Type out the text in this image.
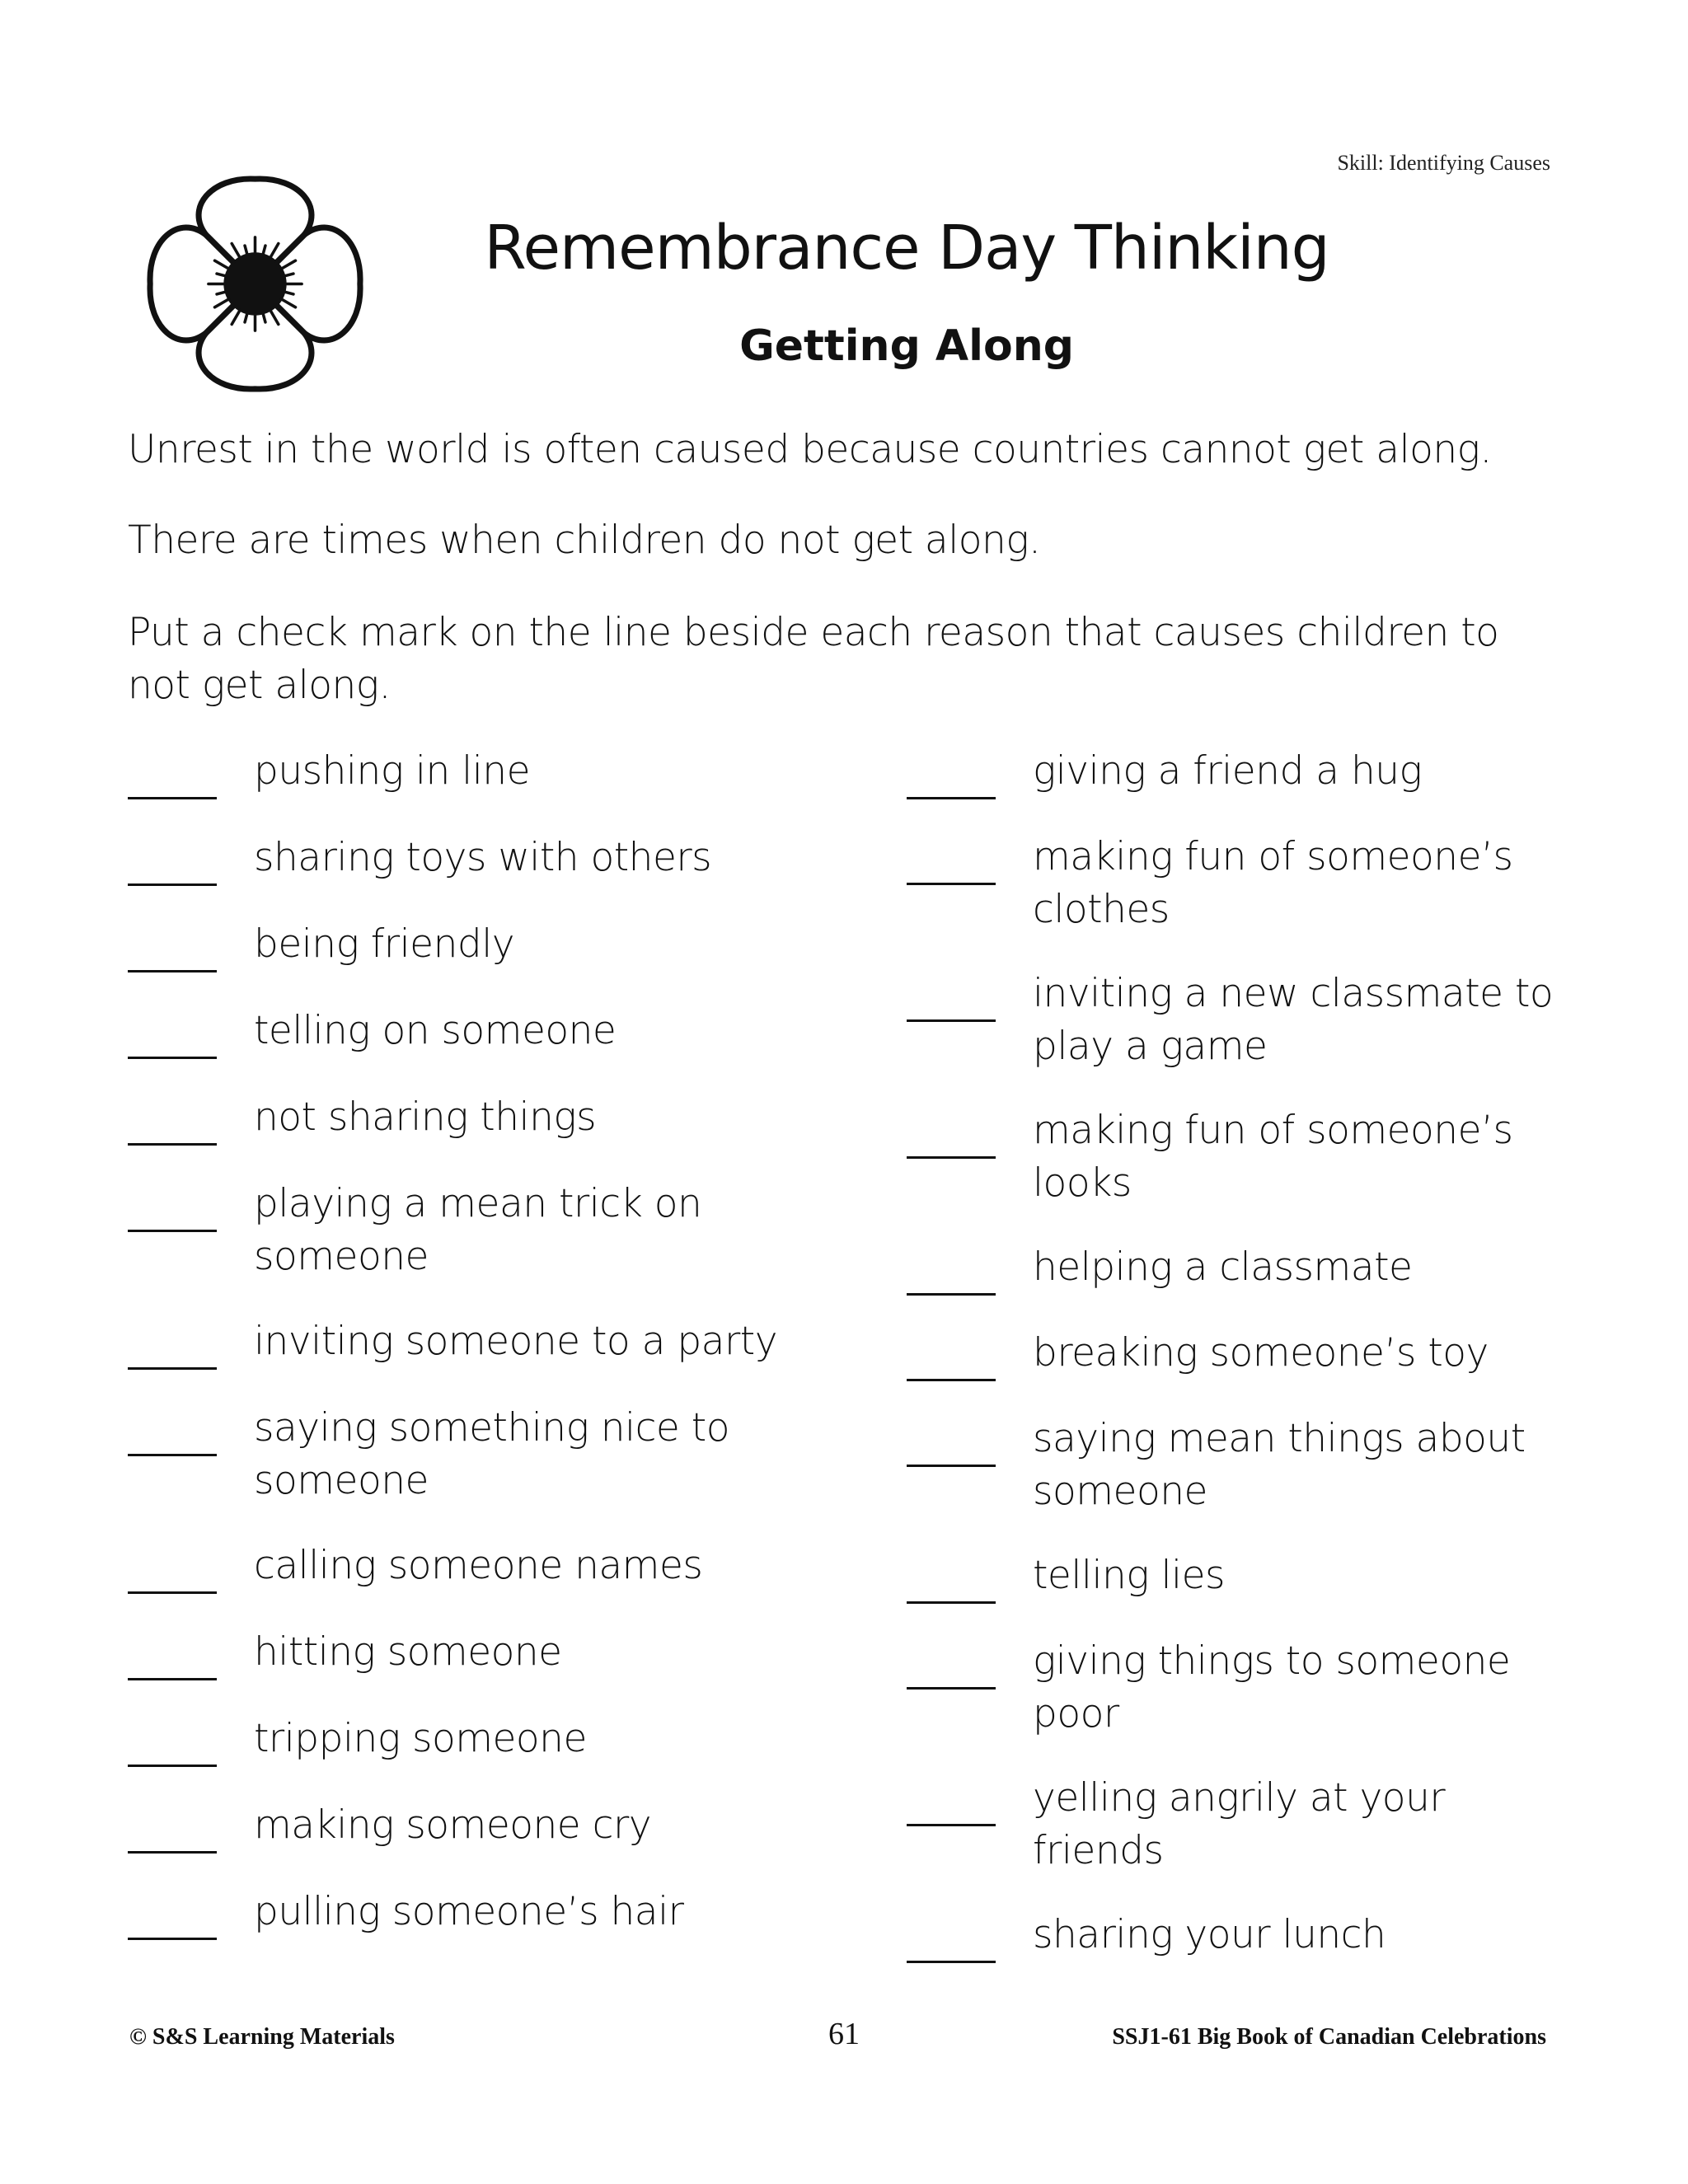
Skill: Identifying Causes
Remembrance Day Thinking
Getting Along

Unrest in the world is often caused because countries cannot get along.

There are times when children do not get along.

Put a check mark on the line beside each reason that causes children to not get along.

pushing in line
sharing toys with others
being friendly
telling on someone
not sharing things
playing a mean trick on someone
inviting someone to a party
saying something nice to someone
calling someone names
hitting someone
tripping someone
making someone cry
pulling someone’s hair
giving a friend a hug
making fun of someone’s clothes
inviting a new classmate to play a game
making fun of someone’s looks
helping a classmate
breaking someone’s toy
saying mean things about someone
telling lies
giving things to someone poor
yelling angrily at your friends
sharing your lunch
© S&S Learning Materials	61	SSJ1-61 Big Book of Canadian Celebrations
